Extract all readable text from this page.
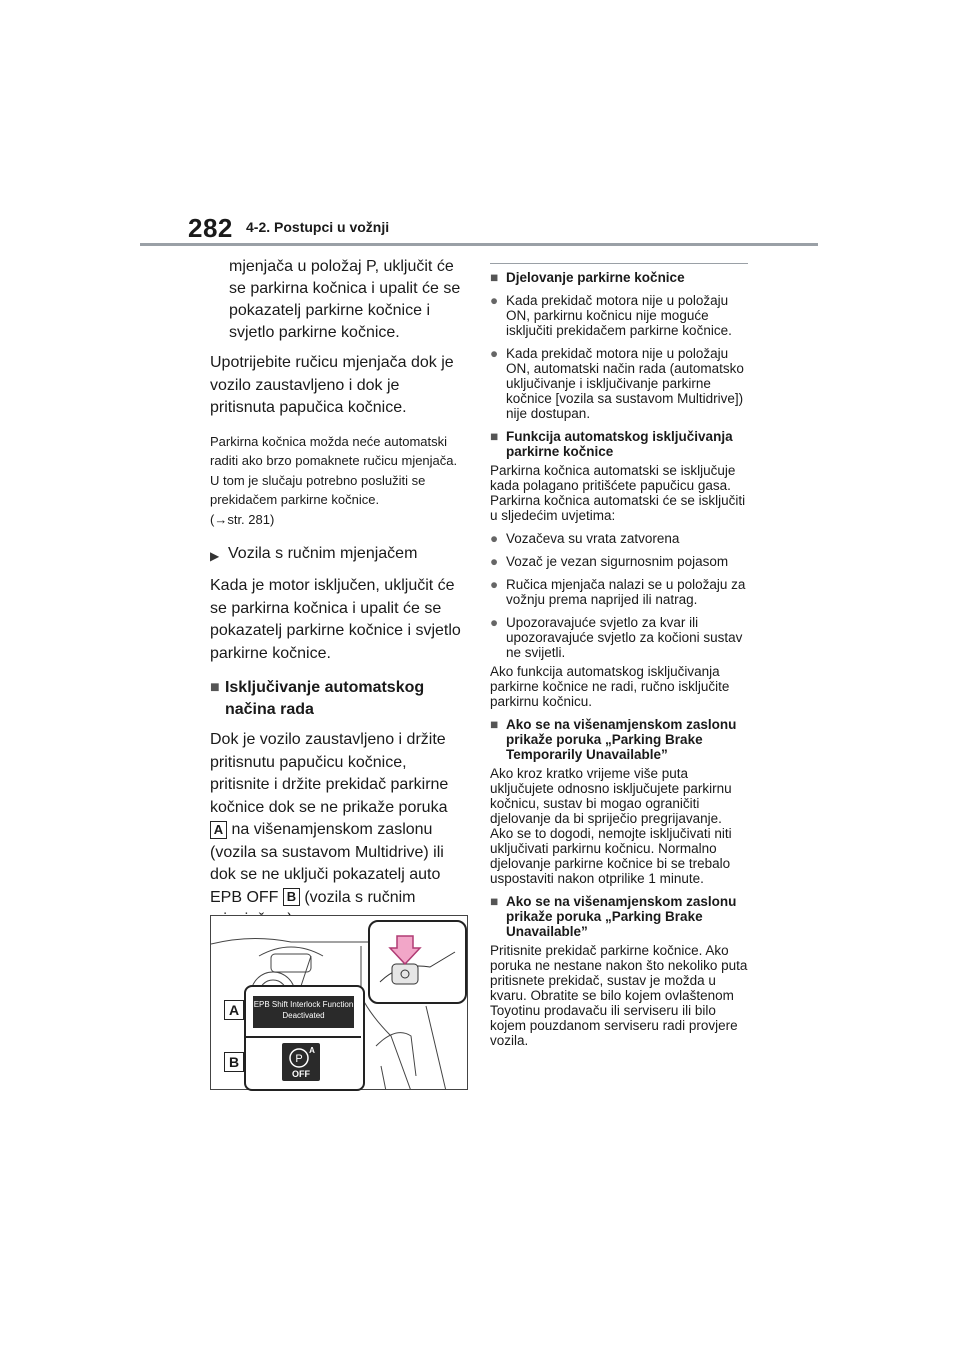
282 4-2. Postupci u vožnji
mjenjača u položaj P, uključit će se parkirna kočnica i upalit će se pokazatelj parkirne kočnice i svjetlo parkirne kočnice.
Upotrijebite ručicu mjenjača dok je vozilo zaustavljeno i dok je pritisnuta papučica kočnice.
Parkirna kočnica možda neće automatski raditi ako brzo pomaknete ručicu mjenjača.
U tom je slučaju potrebno poslužiti se prekidačem parkirne kočnice.
(→str. 281)
▶ Vozila s ručnim mjenjačem
Kada je motor isključen, uključit će se parkirna kočnica i upalit će se pokazatelj parkirne kočnice i svjetlo parkirne kočnice.
■ Isključivanje automatskog načina rada
Dok je vozilo zaustavljeno i držite pritisnutu papučicu kočnice, pritisnite i držite prekidač parkirne kočnice dok se ne prikaže poruka
A na višenamjenskom zaslonu (vozila sa sustavom Multidrive) ili dok se ne uključi pokazatelj auto EPB OFF B (vozila s ručnim
EPB Shift Interlock Function Deactivated
P
A
OFF
A
B
■ Djelovanje parkirne kočnice
● Kada prekidač motora nije u položaju ON, parkirnu kočnicu nije moguće isključiti prekidačem parkirne kočnice.
● Kada prekidač motora nije u položaju ON, automatski način rada (automatsko uključivanje i isključivanje parkirne kočnice [vozila sa sustavom Multidrive]) nije dostupan.
■ Funkcija automatskog isključivanja parkirne kočnice
Parkirna kočnica automatski se isključuje kada polagano pritišćete papučicu gasa.
Parkirna kočnica automatski će se isključiti u sljedećim uvjetima:
● Vozačeva su vrata zatvorena
● Vozač je vezan sigurnosnim pojasom
● Ručica mjenjača nalazi se u položaju za vožnju prema naprijed ili natrag.
● Upozoravajuće svjetlo za kvar ili upozoravajuće svjetlo za kočioni sustav ne svijetli.
Ako funkcija automatskog isključivanja parkirne kočnice ne radi, ručno isključite parkirnu kočnicu.
■ Ako se na višenamjenskom zaslonu prikaže poruka „Parking Brake Temporarily Unavailable”
Ako kroz kratko vrijeme više puta uključujete odnosno isključujete parkirnu kočnicu, sustav bi mogao ograničiti djelovanje da bi spriječio pregrijavanje. Ako se to dogodi, nemojte isključivati niti uključivati parkirnu kočnicu. Normalno djelovanje parkirne kočnice bi se trebalo uspostaviti nakon otprilike 1 minute.
■ Ako se na višenamjenskom zaslonu prikaže poruka „Parking Brake Unavailable”
Pritisnite prekidač parkirne kočnice. Ako poruka ne nestane nakon što nekoliko puta pritisnete prekidač, sustav je možda u kvaru. Obratite se bilo kojem ovlaštenom Toyotinu prodavaču ili serviseru ili bilo kojem pouzdanom serviseru radi provjere vozila.
